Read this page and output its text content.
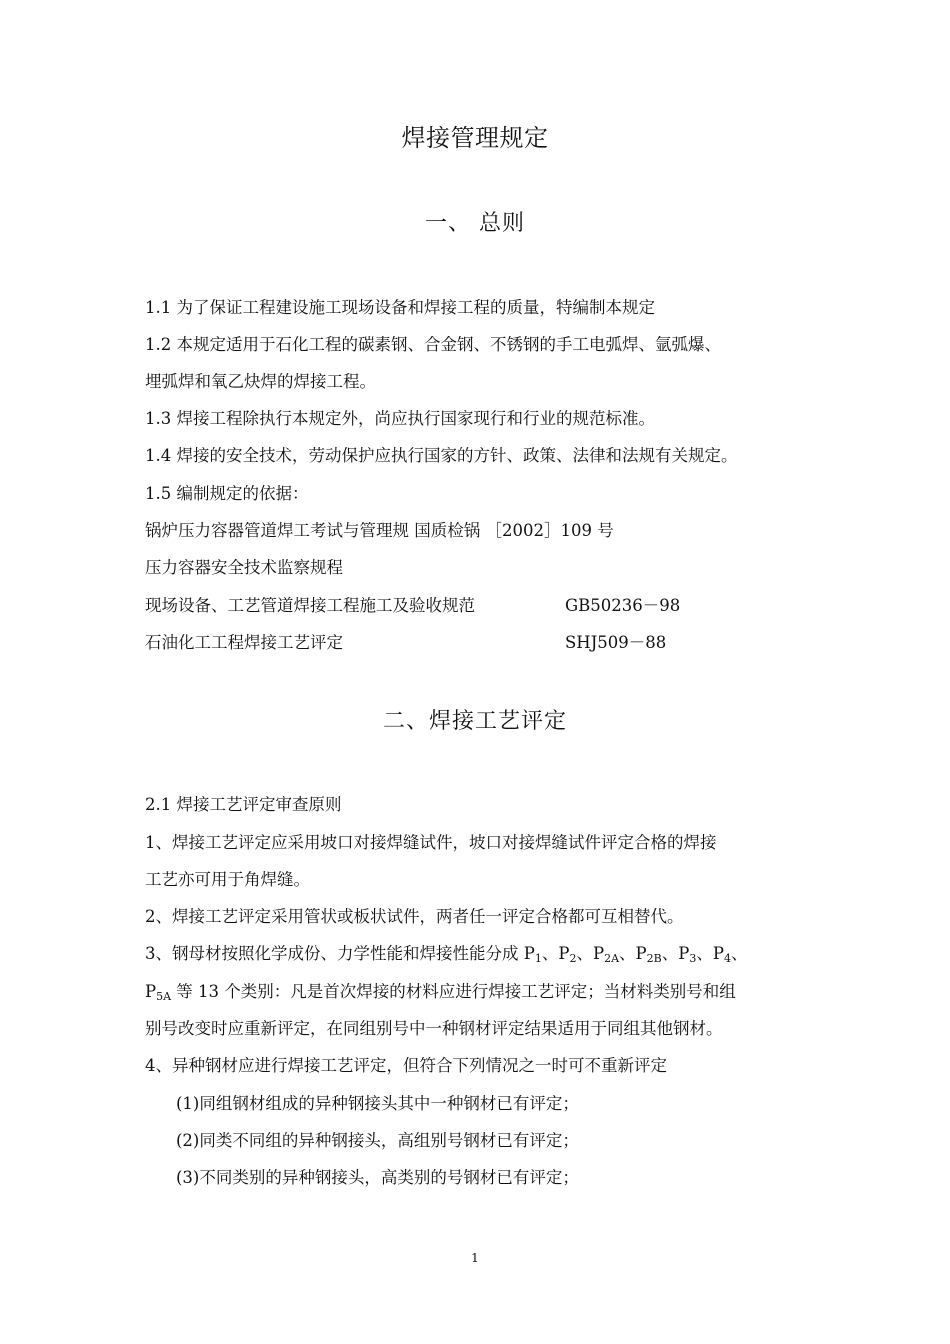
焊接管理规定
一、 总则
1.1 为了保证工程建设施工现场设备和焊接工程的质量，特编制本规定
1.2 本规定适用于石化工程的碳素钢、合金钢、不锈钢的手工电弧焊、氩弧爆、
埋弧焊和氧乙炔焊的焊接工程。
1.3 焊接工程除执行本规定外，尚应执行国家现行和行业的规范标准。
1.4 焊接的安全技术，劳动保护应执行国家的方针、政策、法律和法规有关规定。
1.5 编制规定的依据：
锅炉压力容器管道焊工考试与管理规 国质检锅 ［2002］109 号
压力容器安全技术监察规程
现场设备、工艺管道焊接工程施工及验收规范	GB50236－98
石油化工工程焊接工艺评定	SHJ509－88
二、焊接工艺评定
2.1 焊接工艺评定审查原则
1、焊接工艺评定应采用坡口对接焊缝试件，坡口对接焊缝试件评定合格的焊接
工艺亦可用于角焊缝。
2、焊接工艺评定采用管状或板状试件，两者任一评定合格都可互相替代。
3、钢母材按照化学成份、力学性能和焊接性能分成 $P_1$、$P_2$、$P_{2A}$、$P_{2B}$、$P_3$、$P_4$、
$P_{5A}$ 等 13 个类别：凡是首次焊接的材料应进行焊接工艺评定；当材料类别号和组
别号改变时应重新评定，在同组别号中一种钢材评定结果适用于同组其他钢材。
4、异种钢材应进行焊接工艺评定，但符合下列情况之一时可不重新评定
(1)同组钢材组成的异种钢接头其中一种钢材已有评定；
(2)同类不同组的异种钢接头，高组别号钢材已有评定；
(3)不同类别的异种钢接头，高类别的号钢材已有评定；
1
